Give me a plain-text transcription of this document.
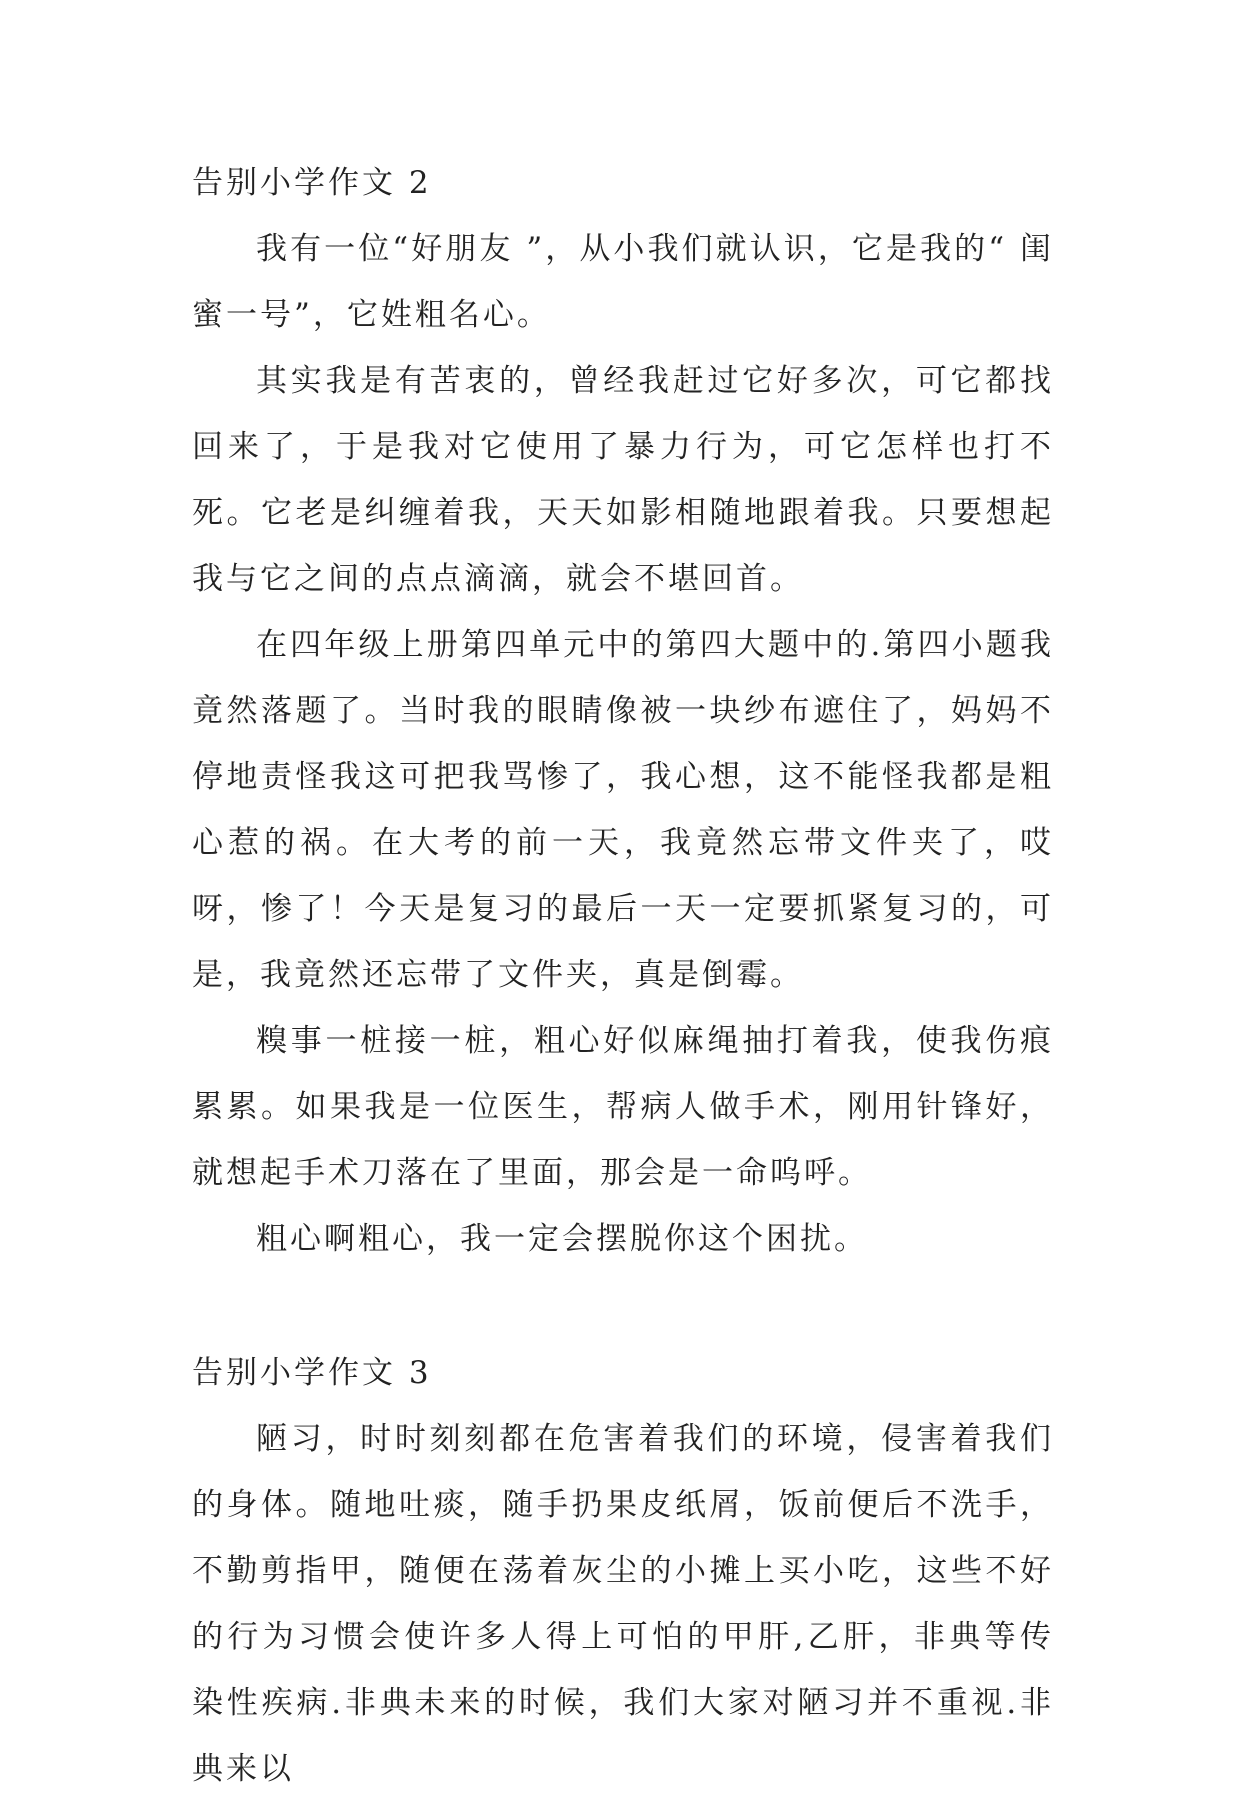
告别小学作文 2

我有一位“好朋友 ”，从小我们就认识，它是我的“ 闺蜜一号”，它姓粗名心。

其实我是有苦衷的，曾经我赶过它好多次，可它都找回来了，于是我对它使用了暴力行为，可它怎样也打不死。它老是纠缠着我，天天如影相随地跟着我。只要想起我与它之间的点点滴滴，就会不堪回首。

在四年级上册第四单元中的第四大题中的.第四小题我竟然落题了。当时我的眼睛像被一块纱布遮住了，妈妈不停地责怪我这可把我骂惨了，我心想，这不能怪我都是粗心惹的祸。在大考的前一天，我竟然忘带文件夹了，哎呀，惨了！今天是复习的最后一天一定要抓紧复习的，可是，我竟然还忘带了文件夹，真是倒霉。

糗事一桩接一桩，粗心好似麻绳抽打着我，使我伤痕累累。如果我是一位医生，帮病人做手术，刚用针锋好，就想起手术刀落在了里面，那会是一命呜呼。

粗心啊粗心，我一定会摆脱你这个困扰。

告别小学作文 3

陋习，时时刻刻都在危害着我们的环境，侵害着我们的身体。随地吐痰，随手扔果皮纸屑，饭前便后不洗手，不勤剪指甲，随便在荡着灰尘的小摊上买小吃，这些不好的行为习惯会使许多人得上可怕的甲肝,乙肝，非典等传染性疾病.非典未来的时候，我们大家对陋习并不重视.非典来以
